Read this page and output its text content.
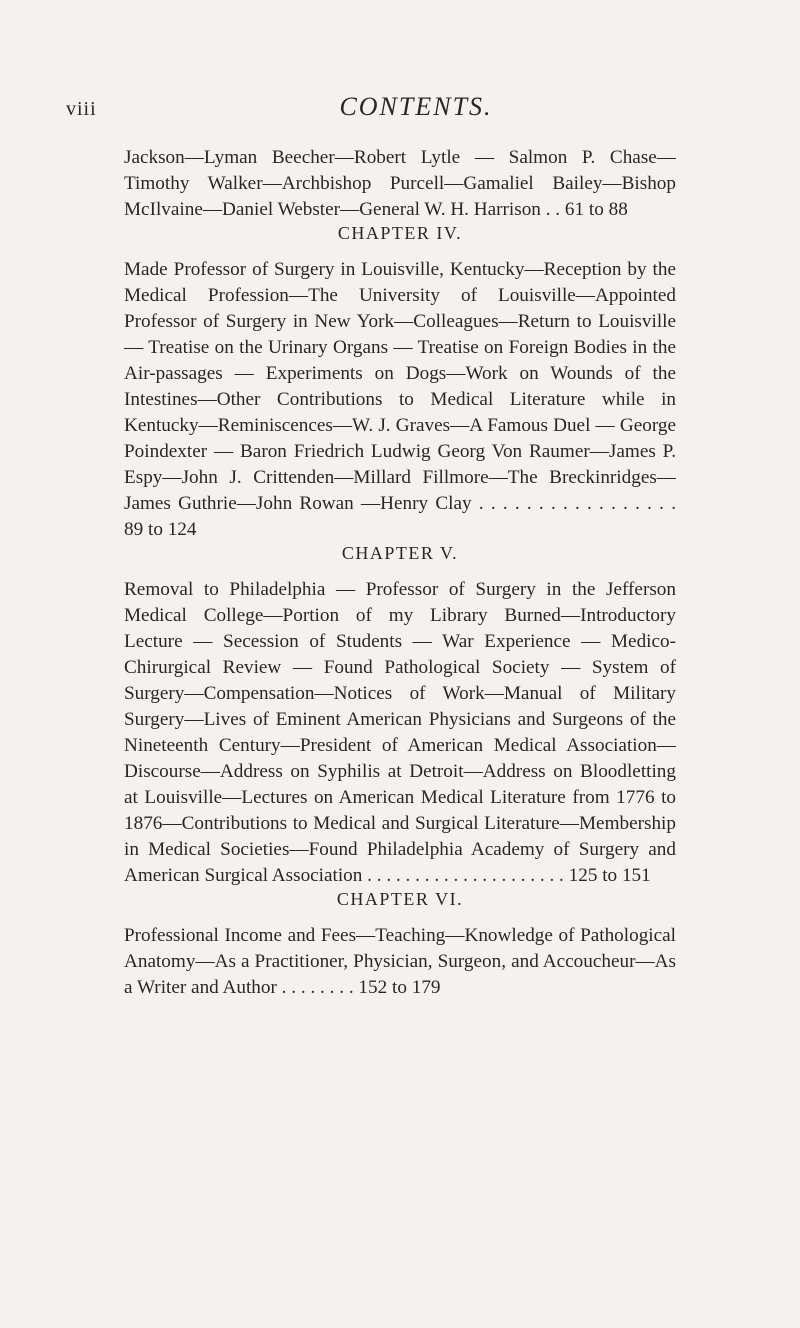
viii	CONTENTS.

Jackson—Lyman Beecher—Robert Lytle — Salmon P. Chase— Timothy Walker—Archbishop Purcell—Gamaliel Bailey—Bishop McIlvaine—Daniel Webster—General W. H. Harrison . . 61 to 88

CHAPTER IV.

Made Professor of Surgery in Louisville, Kentucky—Reception by the Medical Profession—The University of Louisville—Appointed Professor of Surgery in New York—Colleagues—Return to Louisville — Treatise on the Urinary Organs — Treatise on Foreign Bodies in the Air-passages — Experiments on Dogs—Work on Wounds of the Intestines—Other Contributions to Medical Literature while in Kentucky—Reminiscences—W. J. Graves—A Famous Duel — George Poindexter — Baron Friedrich Ludwig Georg Von Raumer—James P. Espy—John J. Crittenden—Millard Fillmore—The Breckinridges—James Guthrie—John Rowan —Henry Clay . . . . . . . . . . . . . . . . . 89 to 124

CHAPTER V.

Removal to Philadelphia — Professor of Surgery in the Jefferson Medical College—Portion of my Library Burned—Introductory Lecture — Secession of Students — War Experience — Medico-Chirurgical Review — Found Pathological Society — System of Surgery—Compensation—Notices of Work—Manual of Military Surgery—Lives of Eminent American Physicians and Surgeons of the Nineteenth Century—President of American Medical Association—Discourse—Address on Syphilis at Detroit—Address on Bloodletting at Louisville—Lectures on American Medical Literature from 1776 to 1876—Contributions to Medical and Surgical Literature—Membership in Medical Societies—Found Philadelphia Academy of Surgery and American Surgical Association . . . . . . . . . . . . . . . . . . . . . 125 to 151

CHAPTER VI.

Professional Income and Fees—Teaching—Knowledge of Pathological Anatomy—As a Practitioner, Physician, Surgeon, and Accoucheur—As a Writer and Author . . . . . . . . 152 to 179
